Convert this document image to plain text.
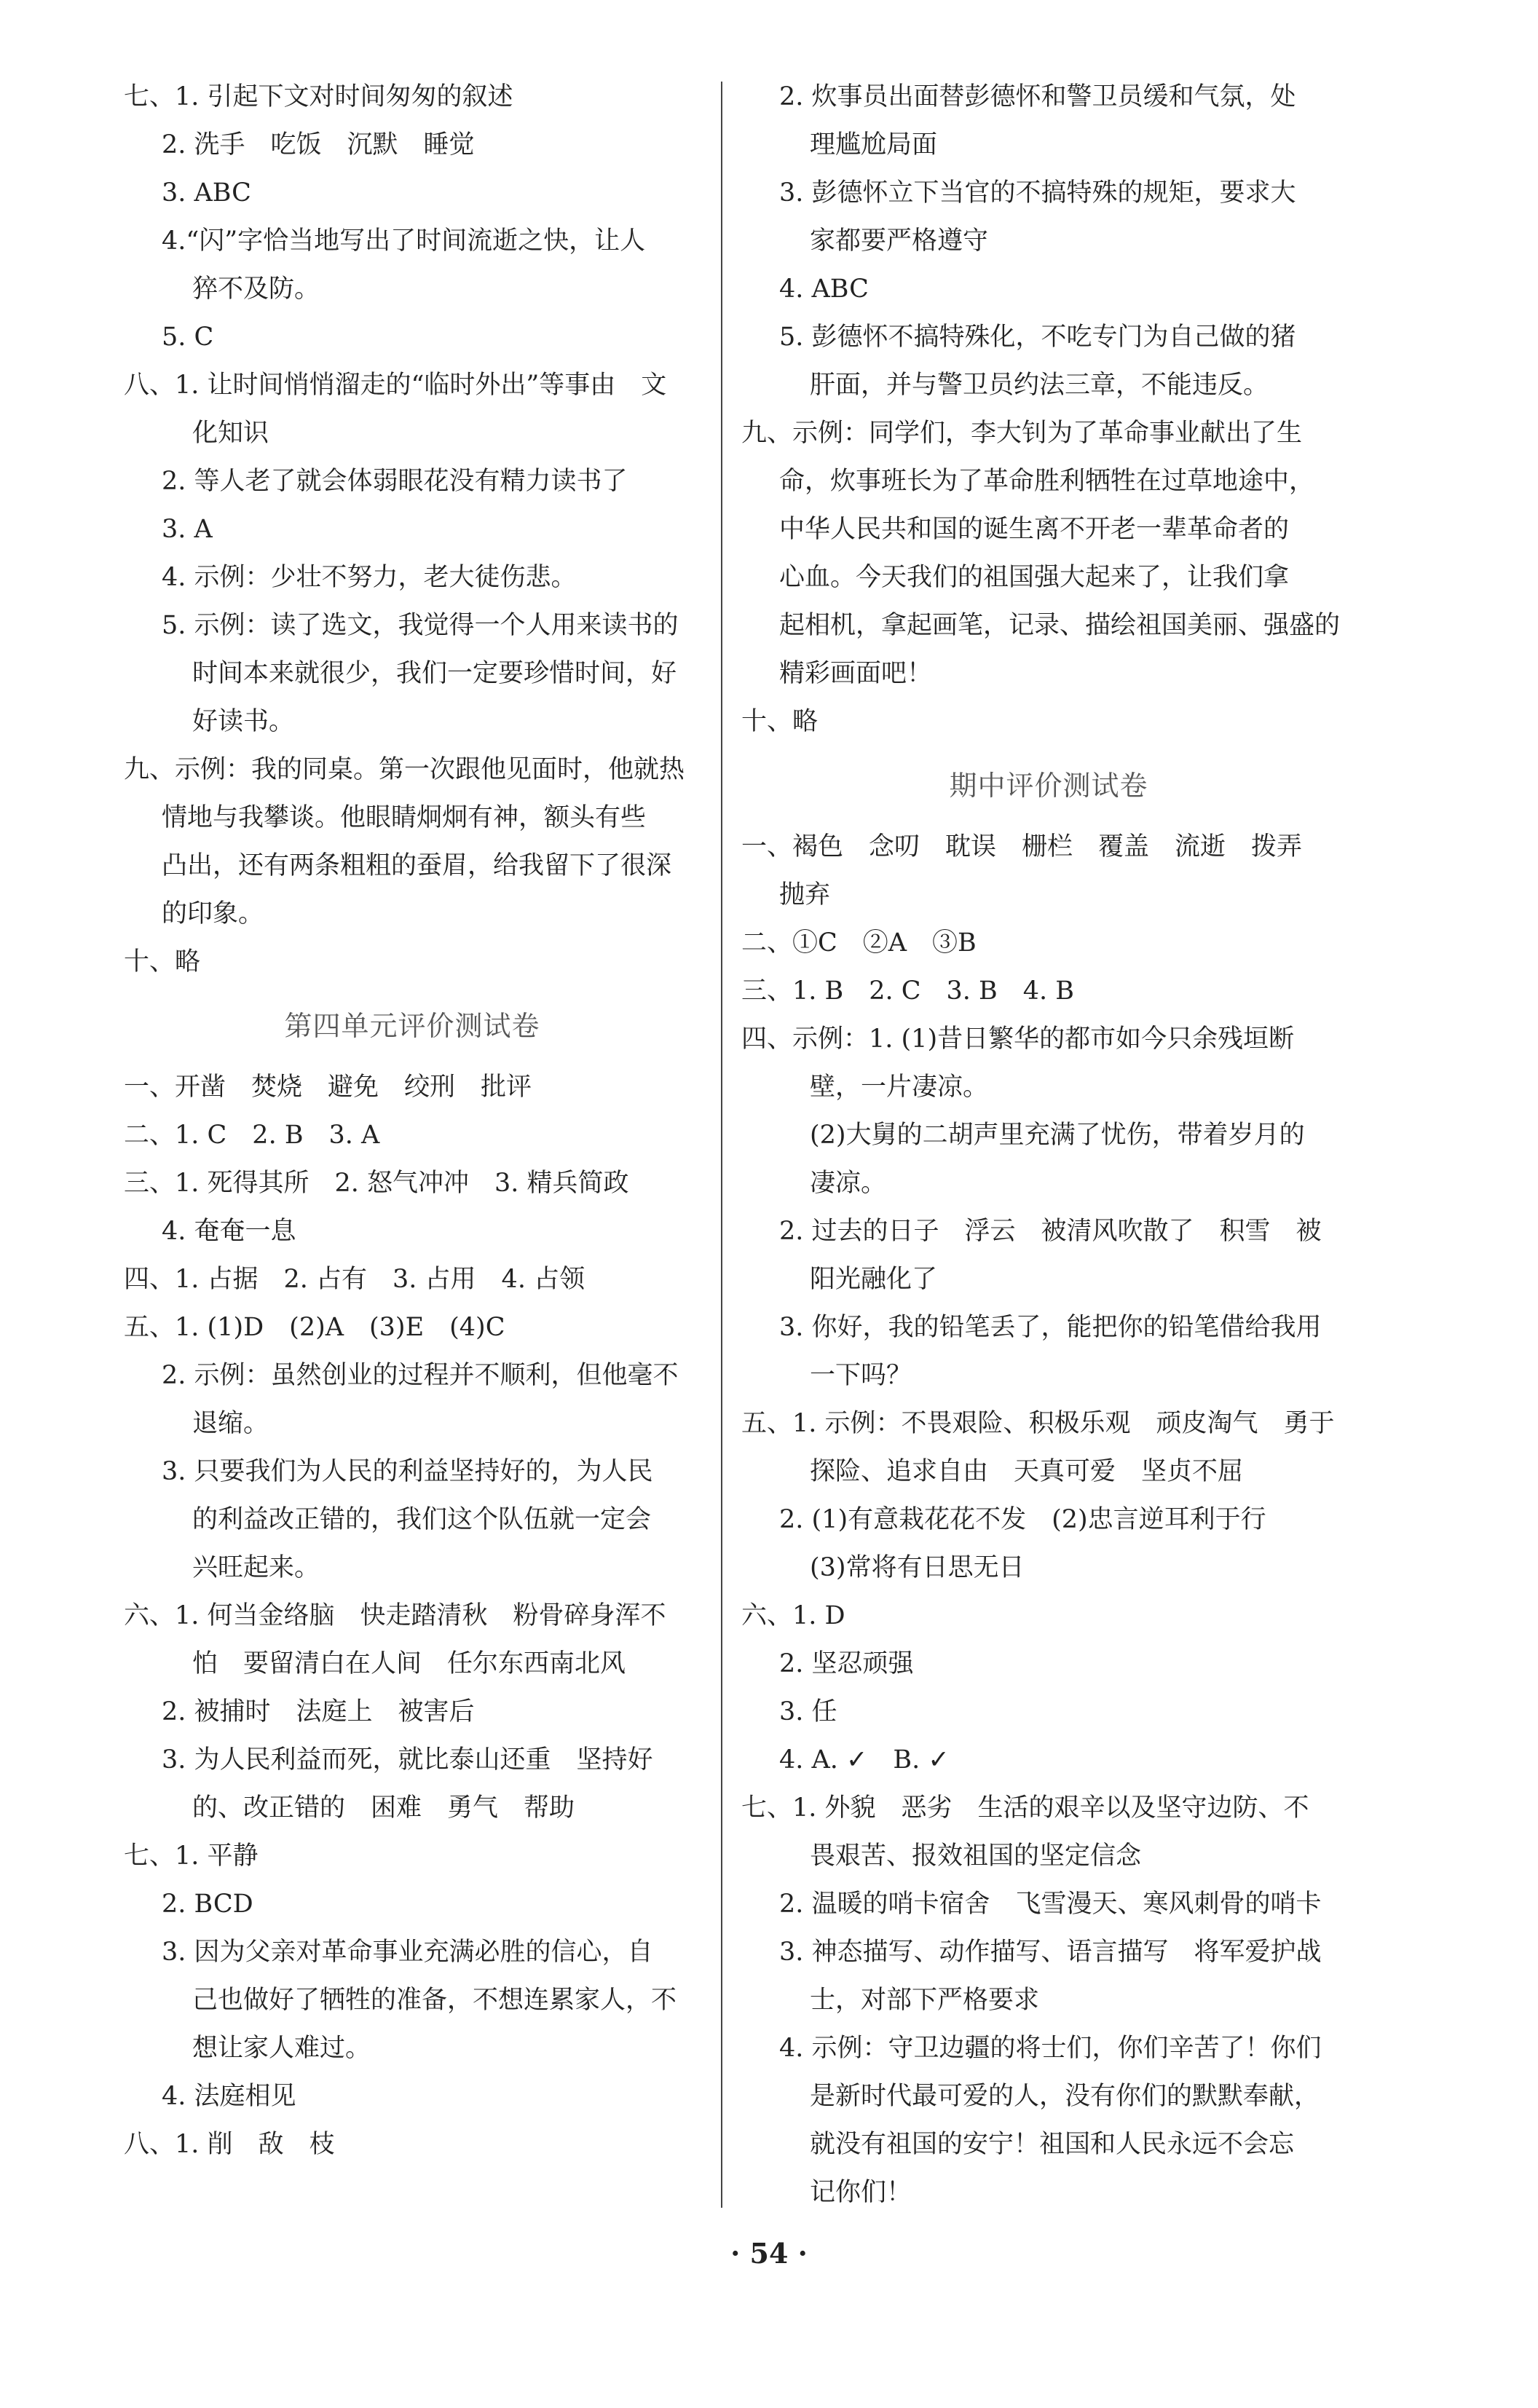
七、1. 引起下文对时间匆匆的叙述
2. 洗手　吃饭　沉默　睡觉
3. ABC
4.“闪”字恰当地写出了时间流逝之快，让人
猝不及防。
5. C
八、1. 让时间悄悄溜走的“临时外出”等事由　文
化知识
2. 等人老了就会体弱眼花没有精力读书了
3. A
4. 示例：少壮不努力，老大徒伤悲。
5. 示例：读了选文，我觉得一个人用来读书的
时间本来就很少，我们一定要珍惜时间，好
好读书。
九、示例：我的同桌。第一次跟他见面时，他就热
情地与我攀谈。他眼睛炯炯有神，额头有些
凸出，还有两条粗粗的蚕眉，给我留下了很深
的印象。
十、略
第四单元评价测试卷
一、开凿　焚烧　避免　绞刑　批评
二、1. C　2. B　3. A
三、1. 死得其所　2. 怒气冲冲　3. 精兵简政
4. 奄奄一息
四、1. 占据　2. 占有　3. 占用　4. 占领
五、1. (1)D　(2)A　(3)E　(4)C
2. 示例：虽然创业的过程并不顺利，但他毫不
退缩。
3. 只要我们为人民的利益坚持好的，为人民
的利益改正错的，我们这个队伍就一定会
兴旺起来。
六、1. 何当金络脑　快走踏清秋　粉骨碎身浑不
怕　要留清白在人间　任尔东西南北风
2. 被捕时　法庭上　被害后
3. 为人民利益而死，就比泰山还重　坚持好
的、改正错的　困难　勇气　帮助
七、1. 平静
2. BCD
3. 因为父亲对革命事业充满必胜的信心，自
己也做好了牺牲的准备，不想连累家人，不
想让家人难过。
4. 法庭相见
八、1. 削　敌　枝
2. 炊事员出面替彭德怀和警卫员缓和气氛，处
理尴尬局面
3. 彭德怀立下当官的不搞特殊的规矩，要求大
家都要严格遵守
4. ABC
5. 彭德怀不搞特殊化，不吃专门为自己做的猪
肝面，并与警卫员约法三章，不能违反。
九、示例：同学们，李大钊为了革命事业献出了生
命，炊事班长为了革命胜利牺牲在过草地途中，
中华人民共和国的诞生离不开老一辈革命者的
心血。今天我们的祖国强大起来了，让我们拿
起相机，拿起画笔，记录、描绘祖国美丽、强盛的
精彩画面吧！
十、略
期中评价测试卷
一、褐色　念叨　耽误　栅栏　覆盖　流逝　拨弄
抛弃
二、①C　②A　③B
三、1. B　2. C　3. B　4. B
四、示例：1. (1)昔日繁华的都市如今只余残垣断
壁，一片凄凉。
(2)大舅的二胡声里充满了忧伤，带着岁月的
凄凉。
2. 过去的日子　浮云　被清风吹散了　积雪　被
阳光融化了
3. 你好，我的铅笔丢了，能把你的铅笔借给我用
一下吗？
五、1. 示例：不畏艰险、积极乐观　顽皮淘气　勇于
探险、追求自由　天真可爱　坚贞不屈
2. (1)有意栽花花不发　(2)忠言逆耳利于行
(3)常将有日思无日
六、1. D
2. 坚忍顽强
3. 任
4. A. ✓　B. ✓
七、1. 外貌　恶劣　生活的艰辛以及坚守边防、不
畏艰苦、报效祖国的坚定信念
2. 温暖的哨卡宿舍　飞雪漫天、寒风刺骨的哨卡
3. 神态描写、动作描写、语言描写　将军爱护战
士，对部下严格要求
4. 示例：守卫边疆的将士们，你们辛苦了！你们
是新时代最可爱的人，没有你们的默默奉献，
就没有祖国的安宁！祖国和人民永远不会忘
记你们！
· 54 ·
